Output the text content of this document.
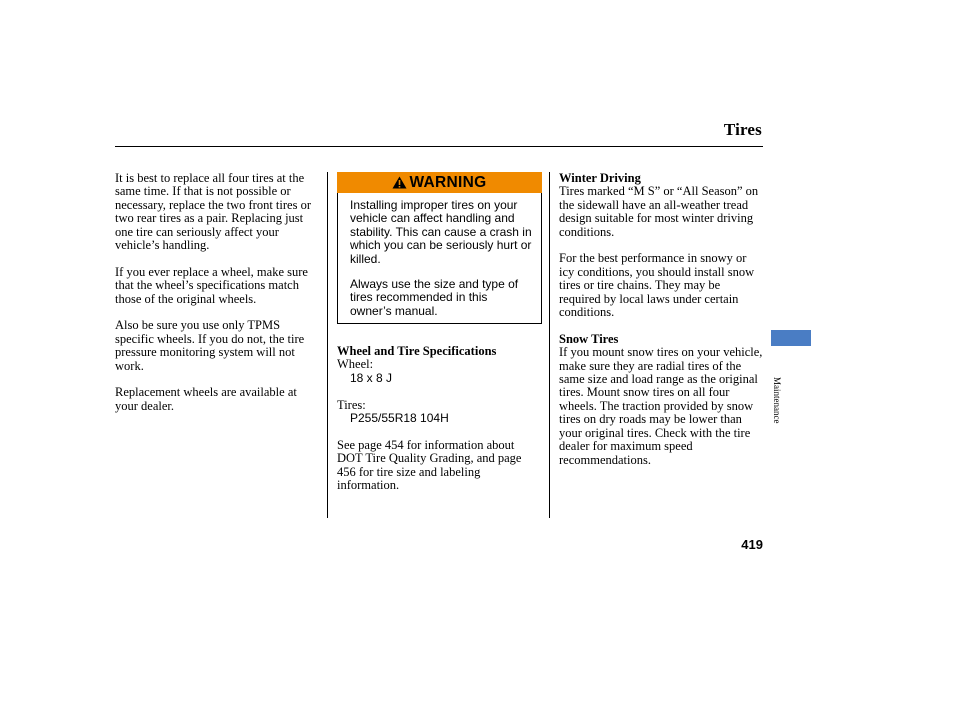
Tires

It is best to replace all four tires at the same time. If that is not possible or necessary, replace the two front tires or two rear tires as a pair. Replacing just one tire can seriously affect your vehicle’s handling.

If you ever replace a wheel, make sure that the wheel’s specifications match those of the original wheels.

Also be sure you use only TPMS specific wheels. If you do not, the tire pressure monitoring system will not work.

Replacement wheels are available at your dealer.

WARNING
Installing improper tires on your vehicle can affect handling and stability. This can cause a crash in which you can be seriously hurt or killed.
Always use the size and type of tires recommended in this owner’s manual.
Wheel and Tire Specifications
Wheel:
18 x 8 J
Tires:
P255/55R18 104H
See page 454 for information about DOT Tire Quality Grading, and page 456 for tire size and labeling information.
Winter Driving

Tires marked “M S” or “All Season” on the sidewall have an all-weather tread design suitable for most winter driving conditions.

For the best performance in snowy or icy conditions, you should install snow tires or tire chains. They may be required by local laws under certain conditions.

Snow Tires

If you mount snow tires on your vehicle, make sure they are radial tires of the same size and load range as the original tires. Mount snow tires on all four wheels. The traction provided by snow tires on dry roads may be lower than your original tires. Check with the tire dealer for maximum speed recommendations.

Maintenance
419
